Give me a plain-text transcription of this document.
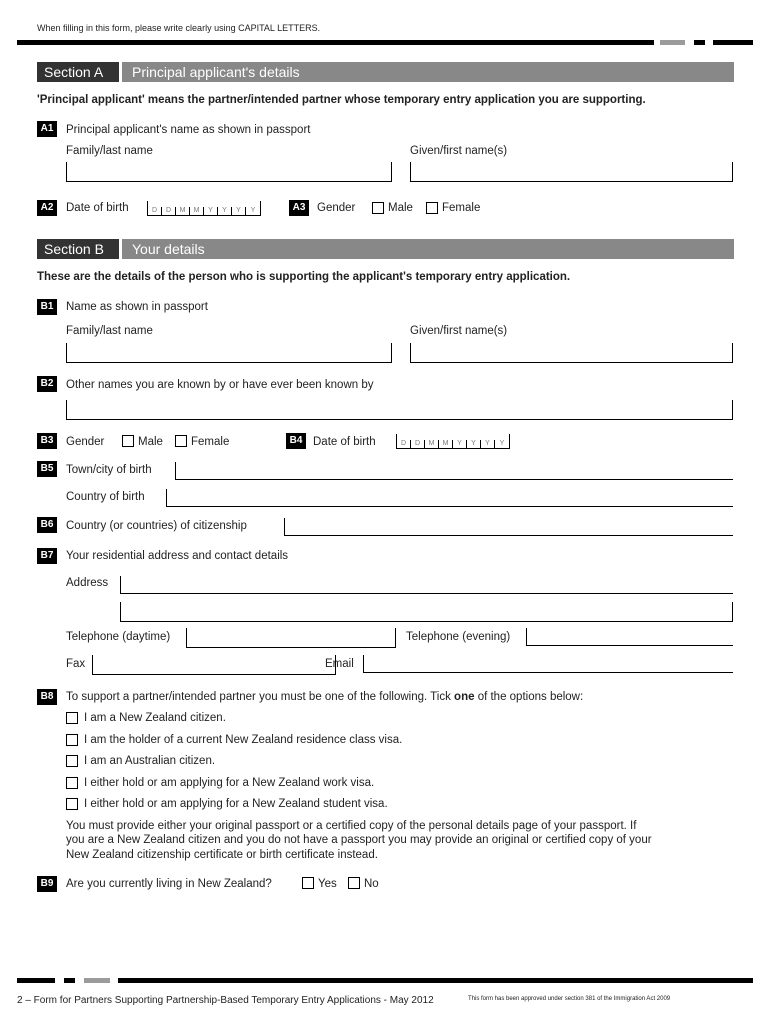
When filling in this form, please write clearly using CAPITAL LETTERS.
Section A	Principal applicant's details
'Principal applicant' means the partner/intended partner whose temporary entry application you are supporting.
A1	Principal applicant's name as shown in passport
Family/last name	Given/first name(s)
A2	Date of birth	D	D	M	M	Y	Y	Y	Y	A3	Gender	Male	Female
Section B	Your details
These are the details of the person who is supporting the applicant's temporary entry application.
B1	Name as shown in passport
Family/last name	Given/first name(s)
B2	Other names you are known by or have ever been known by
B3	Gender	Male Female	B4 Date of birth	D	D	M	M	Y	Y	Y	Y
B5	Town/city of birth
Country of birth
B6	Country (or countries) of citizenship
B7	Your residential address and contact details
Address
Telephone (daytime)	Telephone (evening)
Fax	Email
B8	To support a partner/intended partner you must be one of the following. Tick one of the options below:
I am a New Zealand citizen.
I am the holder of a current New Zealand residence class visa.
I am an Australian citizen.
I either hold or am applying for a New Zealand work visa.
I either hold or am applying for a New Zealand student visa.
You must provide either your original passport or a certified copy of the personal details page of your passport. If
you are a New Zealand citizen and you do not have a passport you may provide an original or certified copy of your
New Zealand citizenship certificate or birth certificate instead.
B9	Are you currently living in New Zealand?	Yes No
2 – Form for Partners Supporting Partnership-Based Temporary Entry Applications - May 2012	This form has been approved under section 381 of the Immigration Act 2009
